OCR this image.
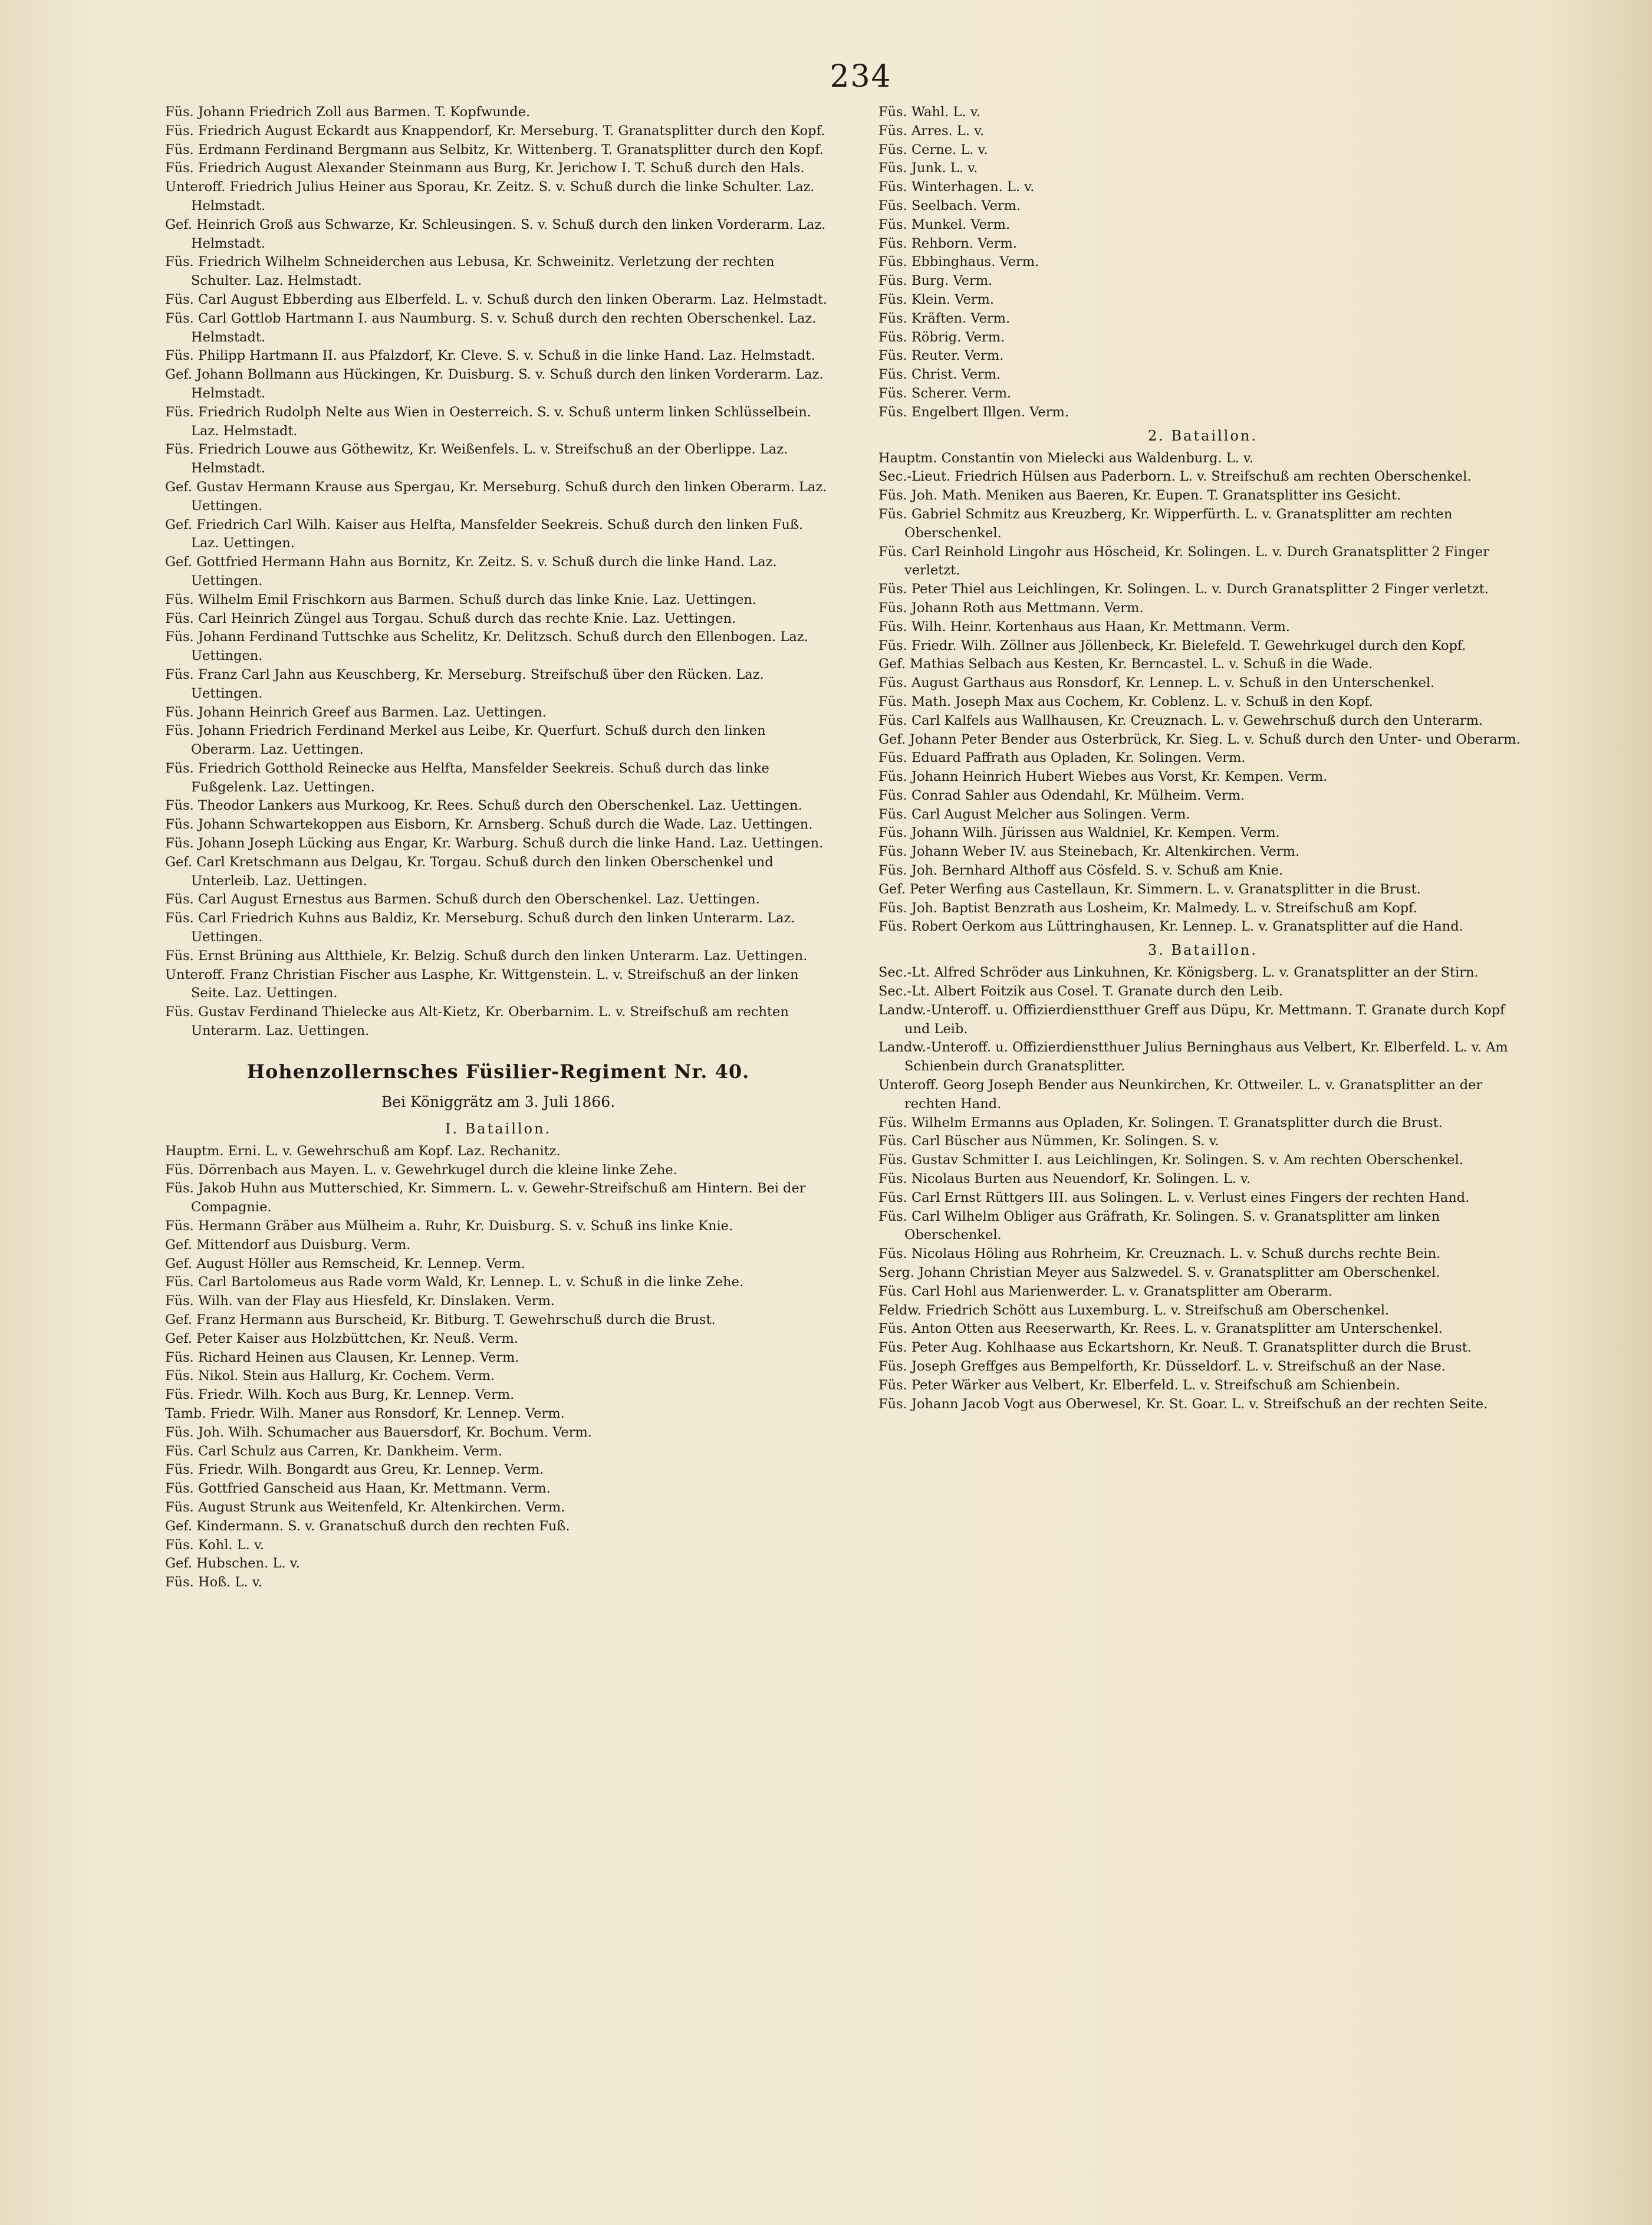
234

Füs. Johann Friedrich Zoll aus Barmen. T. Kopfwunde.

Füs. Friedrich August Eckardt aus Knappendorf, Kr. Merseburg. T. Granatsplitter durch den Kopf.

Füs. Erdmann Ferdinand Bergmann aus Selbitz, Kr. Wittenberg. T. Granatsplitter durch den Kopf.

Füs. Friedrich August Alexander Steinmann aus Burg, Kr. Jerichow I. T. Schuß durch den Hals.

Unteroff. Friedrich Julius Heiner aus Sporau, Kr. Zeitz. S. v. Schuß durch die linke Schulter. Laz. Helmstadt.

Gef. Heinrich Groß aus Schwarze, Kr. Schleusingen. S. v. Schuß durch den linken Vorderarm. Laz. Helmstadt.

Füs. Friedrich Wilhelm Schneiderchen aus Lebusa, Kr. Schweinitz. Verletzung der rechten Schulter. Laz. Helmstadt.

Füs. Carl August Ebberding aus Elberfeld. L. v. Schuß durch den linken Oberarm. Laz. Helmstadt.

Füs. Carl Gottlob Hartmann I. aus Naumburg. S. v. Schuß durch den rechten Oberschenkel. Laz. Helmstadt.

Füs. Philipp Hartmann II. aus Pfalzdorf, Kr. Cleve. S. v. Schuß in die linke Hand. Laz. Helmstadt.

Gef. Johann Bollmann aus Hückingen, Kr. Duisburg. S. v. Schuß durch den linken Vorderarm. Laz. Helmstadt.

Füs. Friedrich Rudolph Nelte aus Wien in Oesterreich. S. v. Schuß unterm linken Schlüsselbein. Laz. Helmstadt.

Füs. Friedrich Louwe aus Göthewitz, Kr. Weißenfels. L. v. Streifschuß an der Oberlippe. Laz. Helmstadt.

Gef. Gustav Hermann Krause aus Spergau, Kr. Merseburg. Schuß durch den linken Oberarm. Laz. Uettingen.

Gef. Friedrich Carl Wilh. Kaiser aus Helfta, Mansfelder Seekreis. Schuß durch den linken Fuß. Laz. Uettingen.

Gef. Gottfried Hermann Hahn aus Bornitz, Kr. Zeitz. S. v. Schuß durch die linke Hand. Laz. Uettingen.

Füs. Wilhelm Emil Frischkorn aus Barmen. Schuß durch das linke Knie. Laz. Uettingen.

Füs. Carl Heinrich Züngel aus Torgau. Schuß durch das rechte Knie. Laz. Uettingen.

Füs. Johann Ferdinand Tuttschke aus Schelitz, Kr. Delitzsch. Schuß durch den Ellenbogen. Laz. Uettingen.

Füs. Franz Carl Jahn aus Keuschberg, Kr. Merseburg. Streifschuß über den Rücken. Laz. Uettingen.

Füs. Johann Heinrich Greef aus Barmen. Laz. Uettingen.

Füs. Johann Friedrich Ferdinand Merkel aus Leibe, Kr. Querfurt. Schuß durch den linken Oberarm. Laz. Uettingen.

Füs. Friedrich Gotthold Reinecke aus Helfta, Mansfelder Seekreis. Schuß durch das linke Fußgelenk. Laz. Uettingen.

Füs. Theodor Lankers aus Murkoog, Kr. Rees. Schuß durch den Oberschenkel. Laz. Uettingen.

Füs. Johann Schwartekoppen aus Eisborn, Kr. Arnsberg. Schuß durch die Wade. Laz. Uettingen.

Füs. Johann Joseph Lücking aus Engar, Kr. Warburg. Schuß durch die linke Hand. Laz. Uettingen.

Gef. Carl Kretschmann aus Delgau, Kr. Torgau. Schuß durch den linken Oberschenkel und Unterleib. Laz. Uettingen.

Füs. Carl August Ernestus aus Barmen. Schuß durch den Oberschenkel. Laz. Uettingen.

Füs. Carl Friedrich Kuhns aus Baldiz, Kr. Merseburg. Schuß durch den linken Unterarm. Laz. Uettingen.

Füs. Ernst Brüning aus Altthiele, Kr. Belzig. Schuß durch den linken Unterarm. Laz. Uettingen.

Unteroff. Franz Christian Fischer aus Lasphe, Kr. Wittgenstein. L. v. Streifschuß an der linken Seite. Laz. Uettingen.

Füs. Gustav Ferdinand Thielecke aus Alt-Kietz, Kr. Oberbarnim. L. v. Streifschuß am rechten Unterarm. Laz. Uettingen.

Hohenzollernsches Füsilier-Regiment Nr. 40.
Bei Königgrätz am 3. Juli 1866.
I. Bataillon.

Hauptm. Erni. L. v. Gewehrschuß am Kopf. Laz. Rechanitz.

Füs. Dörrenbach aus Mayen. L. v. Gewehrkugel durch die kleine linke Zehe.

Füs. Jakob Huhn aus Mutterschied, Kr. Simmern. L. v. Gewehr-Streifschuß am Hintern. Bei der Compagnie.

Füs. Hermann Gräber aus Mülheim a. Ruhr, Kr. Duisburg. S. v. Schuß ins linke Knie.

Gef. Mittendorf aus Duisburg. Verm.

Gef. August Höller aus Remscheid, Kr. Lennep. Verm.

Füs. Carl Bartolomeus aus Rade vorm Wald, Kr. Lennep. L. v. Schuß in die linke Zehe.

Füs. Wilh. van der Flay aus Hiesfeld, Kr. Dinslaken. Verm.

Gef. Franz Hermann aus Burscheid, Kr. Bitburg. T. Gewehrschuß durch die Brust.

Gef. Peter Kaiser aus Holzbüttchen, Kr. Neuß. Verm.

Füs. Richard Heinen aus Clausen, Kr. Lennep. Verm.

Füs. Nikol. Stein aus Hallurg, Kr. Cochem. Verm.

Füs. Friedr. Wilh. Koch aus Burg, Kr. Lennep. Verm.

Tamb. Friedr. Wilh. Maner aus Ronsdorf, Kr. Lennep. Verm.

Füs. Joh. Wilh. Schumacher aus Bauersdorf, Kr. Bochum. Verm.

Füs. Carl Schulz aus Carren, Kr. Dankheim. Verm.

Füs. Friedr. Wilh. Bongardt aus Greu, Kr. Lennep. Verm.

Füs. Gottfried Ganscheid aus Haan, Kr. Mettmann. Verm.

Füs. August Strunk aus Weitenfeld, Kr. Altenkirchen. Verm.

Gef. Kindermann. S. v. Granatschuß durch den rechten Fuß.

Füs. Kohl. L. v.

Gef. Hubschen. L. v.

Füs. Hoß. L. v.

Füs. Wahl. L. v.

Füs. Arres. L. v.

Füs. Cerne. L. v.

Füs. Junk. L. v.

Füs. Winterhagen. L. v.

Füs. Seelbach. Verm.

Füs. Munkel. Verm.

Füs. Rehborn. Verm.

Füs. Ebbinghaus. Verm.

Füs. Burg. Verm.

Füs. Klein. Verm.

Füs. Kräften. Verm.

Füs. Röbrig. Verm.

Füs. Reuter. Verm.

Füs. Christ. Verm.

Füs. Scherer. Verm.

Füs. Engelbert Illgen. Verm.

2. Bataillon.

Hauptm. Constantin von Mielecki aus Waldenburg. L. v.

Sec.-Lieut. Friedrich Hülsen aus Paderborn. L. v. Streifschuß am rechten Oberschenkel.

Füs. Joh. Math. Meniken aus Baeren, Kr. Eupen. T. Granatsplitter ins Gesicht.

Füs. Gabriel Schmitz aus Kreuzberg, Kr. Wipperfürth. L. v. Granatsplitter am rechten Oberschenkel.

Füs. Carl Reinhold Lingohr aus Höscheid, Kr. Solingen. L. v. Durch Granatsplitter 2 Finger verletzt.

Füs. Peter Thiel aus Leichlingen, Kr. Solingen. L. v. Durch Granatsplitter 2 Finger verletzt.

Füs. Johann Roth aus Mettmann. Verm.

Füs. Wilh. Heinr. Kortenhaus aus Haan, Kr. Mettmann. Verm.

Füs. Friedr. Wilh. Zöllner aus Jöllenbeck, Kr. Bielefeld. T. Gewehrkugel durch den Kopf.

Gef. Mathias Selbach aus Kesten, Kr. Berncastel. L. v. Schuß in die Wade.

Füs. August Garthaus aus Ronsdorf, Kr. Lennep. L. v. Schuß in den Unterschenkel.

Füs. Math. Joseph Max aus Cochem, Kr. Coblenz. L. v. Schuß in den Kopf.

Füs. Carl Kalfels aus Wallhausen, Kr. Creuznach. L. v. Gewehrschuß durch den Unterarm.

Gef. Johann Peter Bender aus Osterbrück, Kr. Sieg. L. v. Schuß durch den Unter- und Oberarm.

Füs. Eduard Paffrath aus Opladen, Kr. Solingen. Verm.

Füs. Johann Heinrich Hubert Wiebes aus Vorst, Kr. Kempen. Verm.

Füs. Conrad Sahler aus Odendahl, Kr. Mülheim. Verm.

Füs. Carl August Melcher aus Solingen. Verm.

Füs. Johann Wilh. Jürissen aus Waldniel, Kr. Kempen. Verm.

Füs. Johann Weber IV. aus Steinebach, Kr. Altenkirchen. Verm.

Füs. Joh. Bernhard Althoff aus Cösfeld. S. v. Schuß am Knie.

Gef. Peter Werfing aus Castellaun, Kr. Simmern. L. v. Granatsplitter in die Brust.

Füs. Joh. Baptist Benzrath aus Losheim, Kr. Malmedy. L. v. Streifschuß am Kopf.

Füs. Robert Oerkom aus Lüttringhausen, Kr. Lennep. L. v. Granatsplitter auf die Hand.

3. Bataillon.

Sec.-Lt. Alfred Schröder aus Linkuhnen, Kr. Königsberg. L. v. Granatsplitter an der Stirn.

Sec.-Lt. Albert Foitzik aus Cosel. T. Granate durch den Leib.

Landw.-Unteroff. u. Offizierdienstthuer Greff aus Düpu, Kr. Mettmann. T. Granate durch Kopf und Leib.

Landw.-Unteroff. u. Offizierdienstthuer Julius Berninghaus aus Velbert, Kr. Elberfeld. L. v. Am Schienbein durch Granatsplitter.

Unteroff. Georg Joseph Bender aus Neunkirchen, Kr. Ottweiler. L. v. Granatsplitter an der rechten Hand.

Füs. Wilhelm Ermanns aus Opladen, Kr. Solingen. T. Granatsplitter durch die Brust.

Füs. Carl Büscher aus Nümmen, Kr. Solingen. S. v.

Füs. Gustav Schmitter I. aus Leichlingen, Kr. Solingen. S. v. Am rechten Oberschenkel.

Füs. Nicolaus Burten aus Neuendorf, Kr. Solingen. L. v.

Füs. Carl Ernst Rüttgers III. aus Solingen. L. v. Verlust eines Fingers der rechten Hand.

Füs. Carl Wilhelm Obliger aus Gräfrath, Kr. Solingen. S. v. Granatsplitter am linken Oberschenkel.

Füs. Nicolaus Höling aus Rohrheim, Kr. Creuznach. L. v. Schuß durchs rechte Bein.

Serg. Johann Christian Meyer aus Salzwedel. S. v. Granatsplitter am Oberschenkel.

Füs. Carl Hohl aus Marienwerder. L. v. Granatsplitter am Oberarm.

Feldw. Friedrich Schött aus Luxemburg. L. v. Streifschuß am Oberschenkel.

Füs. Anton Otten aus Reeserwarth, Kr. Rees. L. v. Granatsplitter am Unterschenkel.

Füs. Peter Aug. Kohlhaase aus Eckartshorn, Kr. Neuß. T. Granatsplitter durch die Brust.

Füs. Joseph Greffges aus Bempelforth, Kr. Düsseldorf. L. v. Streifschuß an der Nase.

Füs. Peter Wärker aus Velbert, Kr. Elberfeld. L. v. Streifschuß am Schienbein.

Füs. Johann Jacob Vogt aus Oberwesel, Kr. St. Goar. L. v. Streifschuß an der rechten Seite.
